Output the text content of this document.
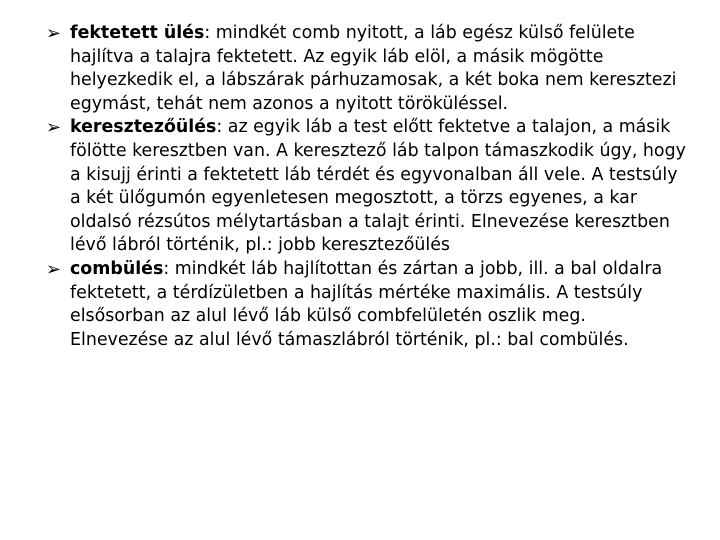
➢ fektetett ülés: mindkét comb nyitott, a láb egész külső felülete hajlítva a talajra fektetett. Az egyik láb elöl, a másik mögötte helyezkedik el, a lábszárak párhuzamosak, a két boka nem keresztezi egymást, tehát nem azonos a nyitott töröküléssel.
➢ keresztezőülés: az egyik láb a test előtt fektetve a talajon, a másik fölötte keresztben van. A keresztező láb talpon támaszkodik úgy, hogy a kisujj érinti a fektetett láb térdét és egyvonalban áll vele. A testsúly a két ülőgumón egyenletesen megosztott, a törzs egyenes, a kar oldalsó rézsútos mélytartásban a talajt érinti. Elnevezése keresztben lévő lábról történik, pl.: jobb keresztezőülés
➢ combülés: mindkét láb hajlítottan és zártan a jobb, ill. a bal oldalra fektetett, a térdízületben a hajlítás mértéke maximális. A testsúly elsősorban az alul lévő láb külső combfelületén oszlik meg. Elnevezése az alul lévő támaszlábról történik, pl.: bal combülés.
